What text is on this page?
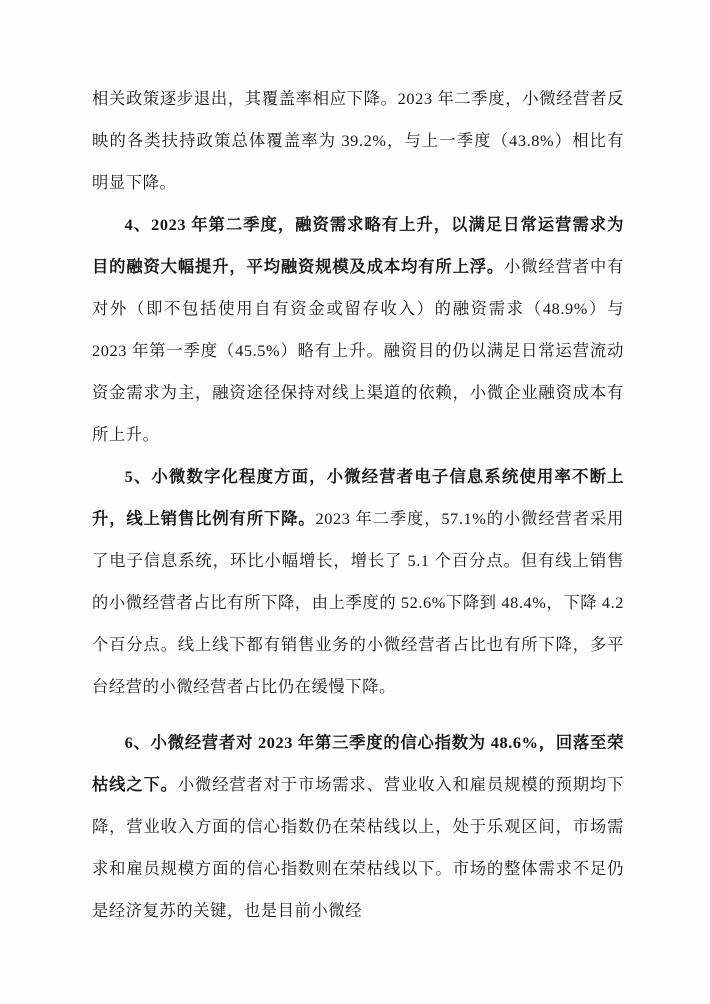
相关政策逐步退出，其覆盖率相应下降。2023 年二季度，小微经营者反映的各类扶持政策总体覆盖率为 39.2%，与上一季度（43.8%）相比有明显下降。

4、2023 年第二季度，融资需求略有上升，以满足日常运营需求为目的融资大幅提升，平均融资规模及成本均有所上浮。小微经营者中有对外（即不包括使用自有资金或留存收入）的融资需求（48.9%）与 2023 年第一季度（45.5%）略有上升。融资目的仍以满足日常运营流动资金需求为主，融资途径保持对线上渠道的依赖，小微企业融资成本有所上升。

5、小微数字化程度方面，小微经营者电子信息系统使用率不断上升，线上销售比例有所下降。2023 年二季度，57.1%的小微经营者采用了电子信息系统，环比小幅增长，增长了 5.1 个百分点。但有线上销售的小微经营者占比有所下降，由上季度的 52.6%下降到 48.4%，下降 4.2 个百分点。线上线下都有销售业务的小微经营者占比也有所下降，多平台经营的小微经营者占比仍在缓慢下降。

6、小微经营者对 2023 年第三季度的信心指数为 48.6%，回落至荣枯线之下。小微经营者对于市场需求、营业收入和雇员规模的预期均下降，营业收入方面的信心指数仍在荣枯线以上，处于乐观区间，市场需求和雇员规模方面的信心指数则在荣枯线以下。市场的整体需求不足仍是经济复苏的关键，也是目前小微经
